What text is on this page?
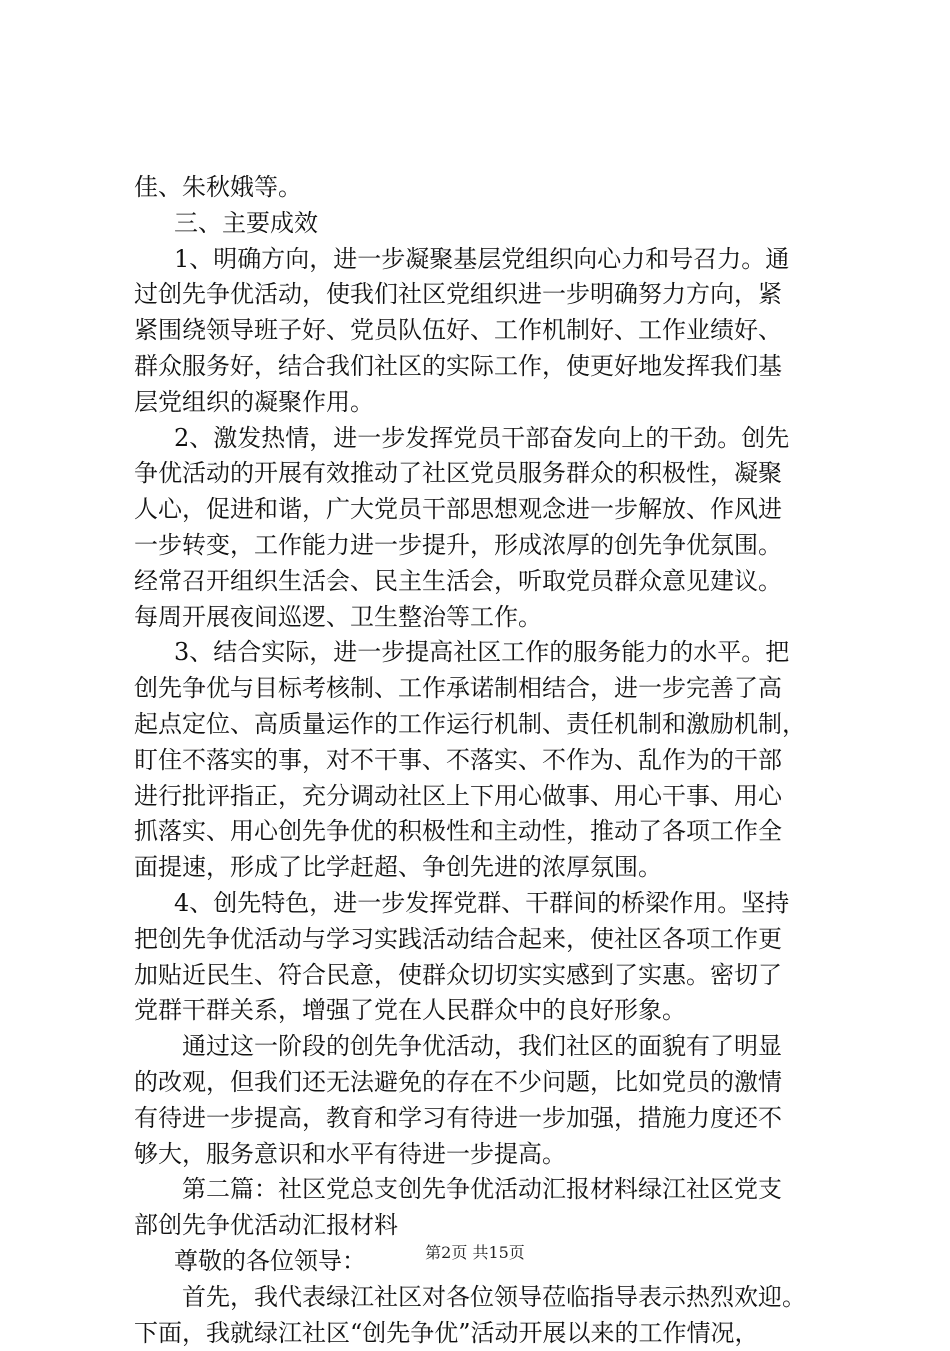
佳、朱秋娥等。
三、主要成效
1、明确方向，进一步凝聚基层党组织向心力和号召力。通
过创先争优活动，使我们社区党组织进一步明确努力方向，紧
紧围绕领导班子好、党员队伍好、工作机制好、工作业绩好、
群众服务好，结合我们社区的实际工作，使更好地发挥我们基
层党组织的凝聚作用。
2、激发热情，进一步发挥党员干部奋发向上的干劲。创先
争优活动的开展有效推动了社区党员服务群众的积极性，凝聚
人心，促进和谐，广大党员干部思想观念进一步解放、作风进
一步转变，工作能力进一步提升，形成浓厚的创先争优氛围。
经常召开组织生活会、民主生活会，听取党员群众意见建议。
每周开展夜间巡逻、卫生整治等工作。
3、结合实际，进一步提高社区工作的服务能力的水平。把
创先争优与目标考核制、工作承诺制相结合，进一步完善了高
起点定位、高质量运作的工作运行机制、责任机制和激励机制，
盯住不落实的事，对不干事、不落实、不作为、乱作为的干部
进行批评指正，充分调动社区上下用心做事、用心干事、用心
抓落实、用心创先争优的积极性和主动性，推动了各项工作全
面提速，形成了比学赶超、争创先进的浓厚氛围。
4、创先特色，进一步发挥党群、干群间的桥梁作用。坚持
把创先争优活动与学习实践活动结合起来，使社区各项工作更
加贴近民生、符合民意，使群众切切实实感到了实惠。密切了
党群干群关系，增强了党在人民群众中的良好形象。
通过这一阶段的创先争优活动，我们社区的面貌有了明显
的改观，但我们还无法避免的存在不少问题，比如党员的激情
有待进一步提高，教育和学习有待进一步加强，措施力度还不
够大，服务意识和水平有待进一步提高。
第二篇：社区党总支创先争优活动汇报材料绿江社区党支
部创先争优活动汇报材料
尊敬的各位领导：
首先，我代表绿江社区对各位领导莅临指导表示热烈欢迎。
下面，我就绿江社区“创先争优”活动开展以来的工作情况，
第2页 共15页
